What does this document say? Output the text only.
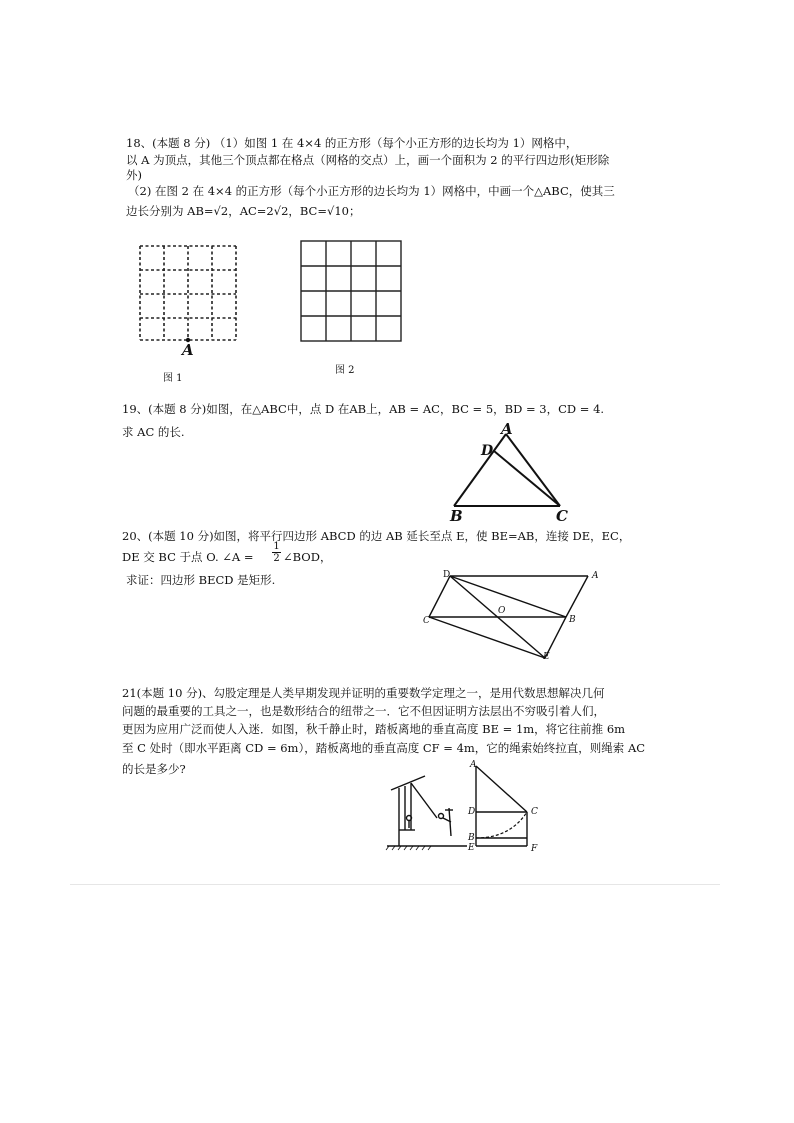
18、(本题 8 分) （1）如图 1 在 4×4 的正方形（每个小正方形的边长均为 1）网格中，
以 A 为顶点，其他三个顶点都在格点（网格的交点）上，画一个面积为 2 的平行四边形(矩形除
外)
（2) 在图 2 在 4×4 的正方形（每个小正方形的边长均为 1）网格中，中画一个△ABC，使其三
边长分别为 AB=√2，AC=2√2，BC=√10；
A
图 1
图 2
19、(本题 8 分)如图，在△ABC中，点 D 在AB上，AB = AC，BC = 5，BD = 3，CD = 4.
求 AC 的长.	A
D
B	C
20、(本题 10 分)如图，将平行四边形 ABCD 的边 AB 延长至点 E，使 BE=AB，连接 DE，EC，
DE 交 BC 于点 O. ∠A = $\frac{1}{2}$ ∠BOD，
求证：四边形 BECD 是矩形.	D	A
O
C	B
E
21(本题 10 分)、勾股定理是人类早期发现并证明的重要数学定理之一，是用代数思想解决几何
问题的最重要的工具之一，也是数形结合的纽带之一．它不但因证明方法层出不穷吸引着人们，
更因为应用广泛而使人入迷．如图，秋千静止时，踏板离地的垂直高度 BE = 1m，将它往前推 6m
至 C 处时（即水平距离 CD = 6m），踏板离地的垂直高度 CF = 4m，它的绳索始终拉直，则绳索 AC
的长是多少?	A
D	C
B
E	F
